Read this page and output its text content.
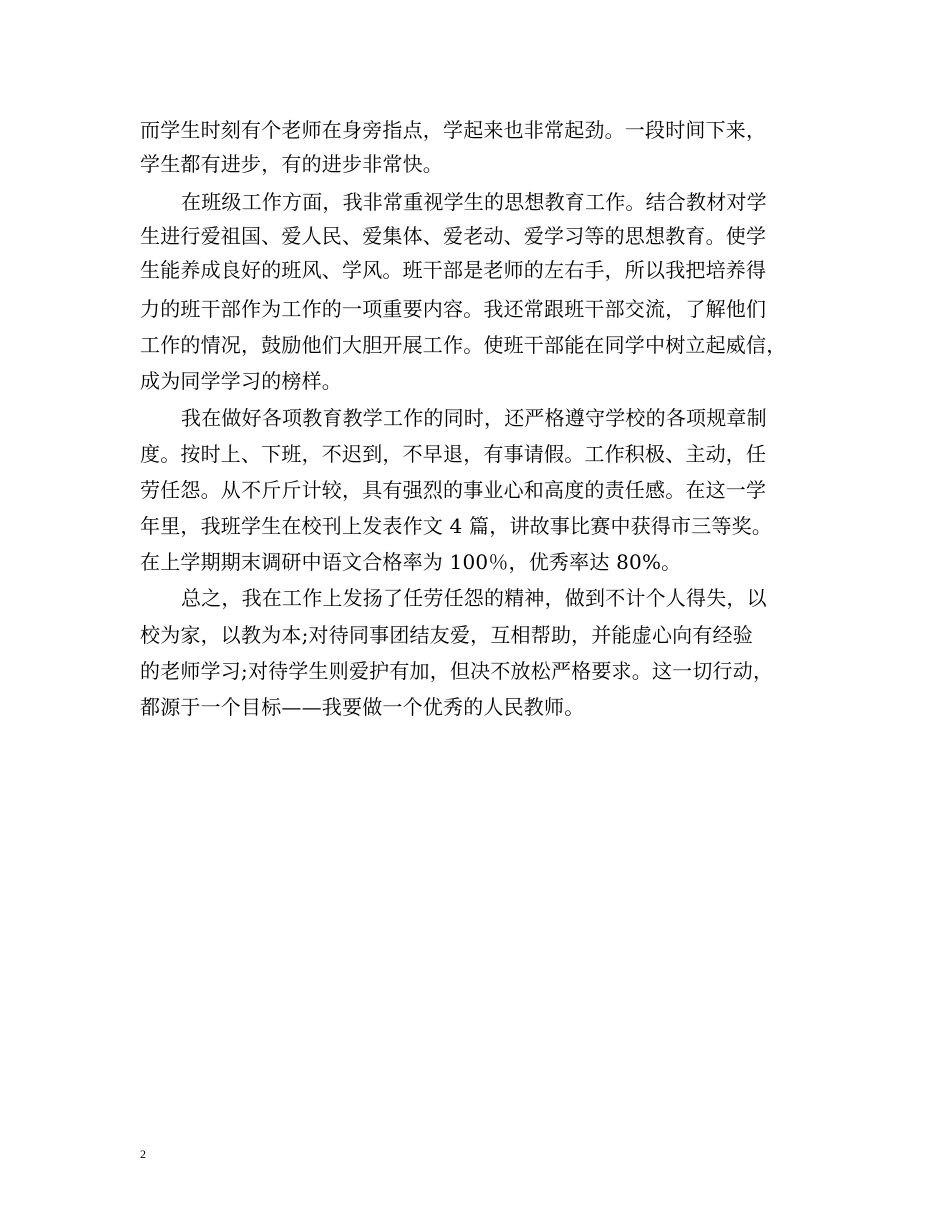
而学生时刻有个老师在身旁指点，学起来也非常起劲。一段时间下来，
学生都有进步，有的进步非常快。
在班级工作方面，我非常重视学生的思想教育工作。结合教材对学
生进行爱祖国、爱人民、爱集体、爱老动、爱学习等的思想教育。使学
生能养成良好的班风、学风。班干部是老师的左右手，所以我把培养得
力的班干部作为工作的一项重要内容。我还常跟班干部交流，了解他们
工作的情况，鼓励他们大胆开展工作。使班干部能在同学中树立起威信，
成为同学学习的榜样。
我在做好各项教育教学工作的同时，还严格遵守学校的各项规章制
度。按时上、下班，不迟到，不早退，有事请假。工作积极、主动，任
劳任怨。从不斤斤计较，具有强烈的事业心和高度的责任感。在这一学
年里，我班学生在校刊上发表作文 4 篇，讲故事比赛中获得市三等奖。
在上学期期末调研中语文合格率为 100％，优秀率达 80%。
总之，我在工作上发扬了任劳任怨的精神，做到不计个人得失，以
校为家，以教为本;对待同事团结友爱，互相帮助，并能虚心向有经验
的老师学习;对待学生则爱护有加，但决不放松严格要求。这一切行动，
都源于一个目标——我要做一个优秀的人民教师。
2
